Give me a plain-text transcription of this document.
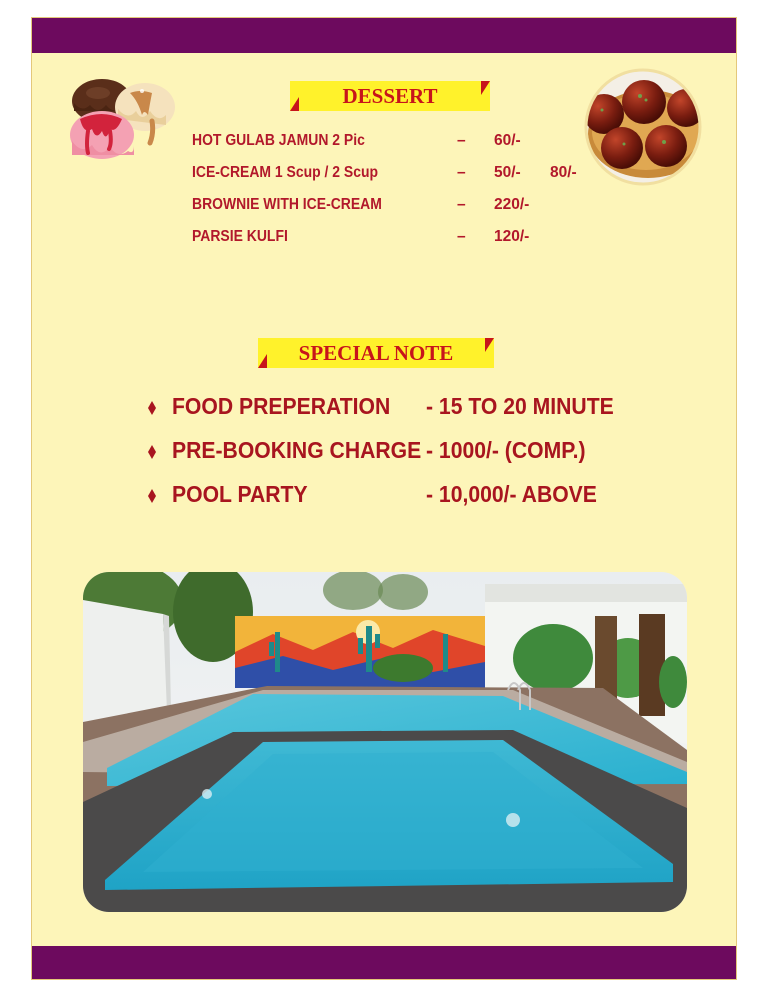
DESSERT
HOT GULAB JAMUN 2 Pic	– 60/-
ICE-CREAM 1 Scup / 2 Scup	– 50/- 80/-
BROWNIE WITH ICE-CREAM	– 220/-
PARSIE KULFI	– 120/-
SPECIAL NOTE
FOOD PREPERATION - 15 TO 20 MINUTE
PRE-BOOKING CHARGE - 1000/- (COMP.)
POOL PARTY	- 10,000/- ABOVE
